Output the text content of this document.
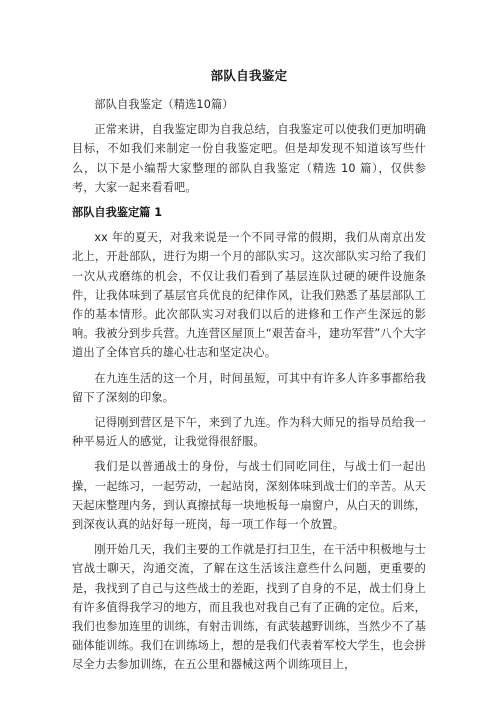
部队自我鉴定

部队自我鉴定（精选10篇）

正常来讲，自我鉴定即为自我总结，自我鉴定可以使我们更加明确目标，不如我们来制定一份自我鉴定吧。但是却发现不知道该写些什么，以下是小编帮大家整理的部队自我鉴定（精选 10 篇），仅供参考，大家一起来看看吧。

部队自我鉴定篇 1

xx 年的夏天，对我来说是一个不同寻常的假期，我们从南京出发北上，开赴部队，进行为期一个月的部队实习。这次部队实习给了我们一次从戎磨练的机会，不仅让我们看到了基层连队过硬的硬件设施条件，让我体味到了基层官兵优良的纪律作风，让我们熟悉了基层部队工作的基本情形。此次部队实习对我们以后的进修和工作产生深远的影响。我被分到步兵营。九连营区屋顶上“艰苦奋斗，建功军营”八个大字道出了全体官兵的雄心壮志和坚定决心。

在九连生活的这一个月，时间虽短，可其中有许多人许多事都给我留下了深刻的印象。

记得刚到营区是下午，来到了九连。作为科大师兄的指导员给我一种平易近人的感觉，让我觉得很舒服。

我们是以普通战士的身份，与战士们同吃同住，与战士们一起出操，一起练习，一起劳动，一起站岗，深刻体味到战士们的辛苦。从天天起床整理内务，到认真擦拭每一块地板每一扇窗户，从白天的训练，到深夜认真的站好每一班岗，每一项工作每一个放置。

刚开始几天，我们主要的工作就是打扫卫生，在干活中积极地与士官战士聊天，沟通交流，了解在这生活该注意些什么问题，更重要的是，我找到了自己与这些战士的差距，找到了自身的不足，战士们身上有许多值得我学习的地方，而且我也对我自己有了正确的定位。后来，我们也参加连里的训练，有射击训练，有武装越野训练，当然少不了基础体能训练。我们在训练场上，想的是我们代表着军校大学生，也会拼尽全力去参加训练，在五公里和器械这两个训练项目上，
